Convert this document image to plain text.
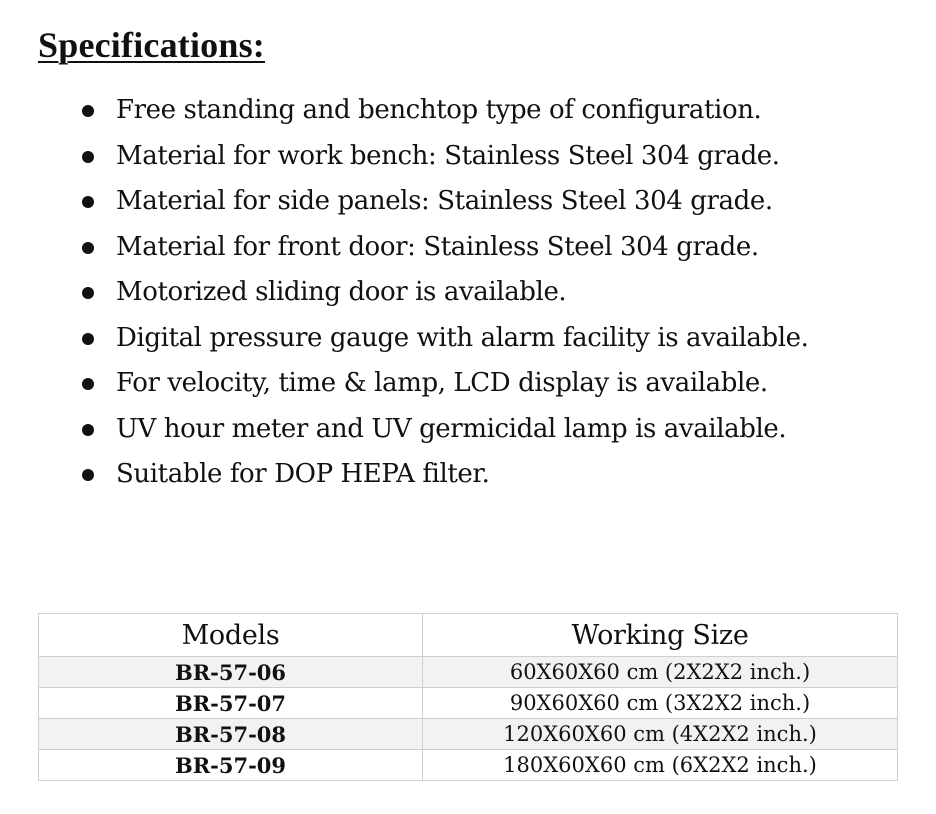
Specifications:
Free standing and benchtop type of configuration.
Material for work bench: Stainless Steel 304 grade.
Material for side panels: Stainless Steel 304 grade.
Material for front door: Stainless Steel 304 grade.
Motorized sliding door is available.
Digital pressure gauge with alarm facility is available.
For velocity, time & lamp, LCD display is available.
UV hour meter and UV germicidal lamp is available.
Suitable for DOP HEPA filter.
Models	Working Size
BR-57-06	60X60X60 cm (2X2X2 inch.)
BR-57-07	90X60X60 cm (3X2X2 inch.)
BR-57-08	120X60X60 cm (4X2X2 inch.)
BR-57-09	180X60X60 cm (6X2X2 inch.)
